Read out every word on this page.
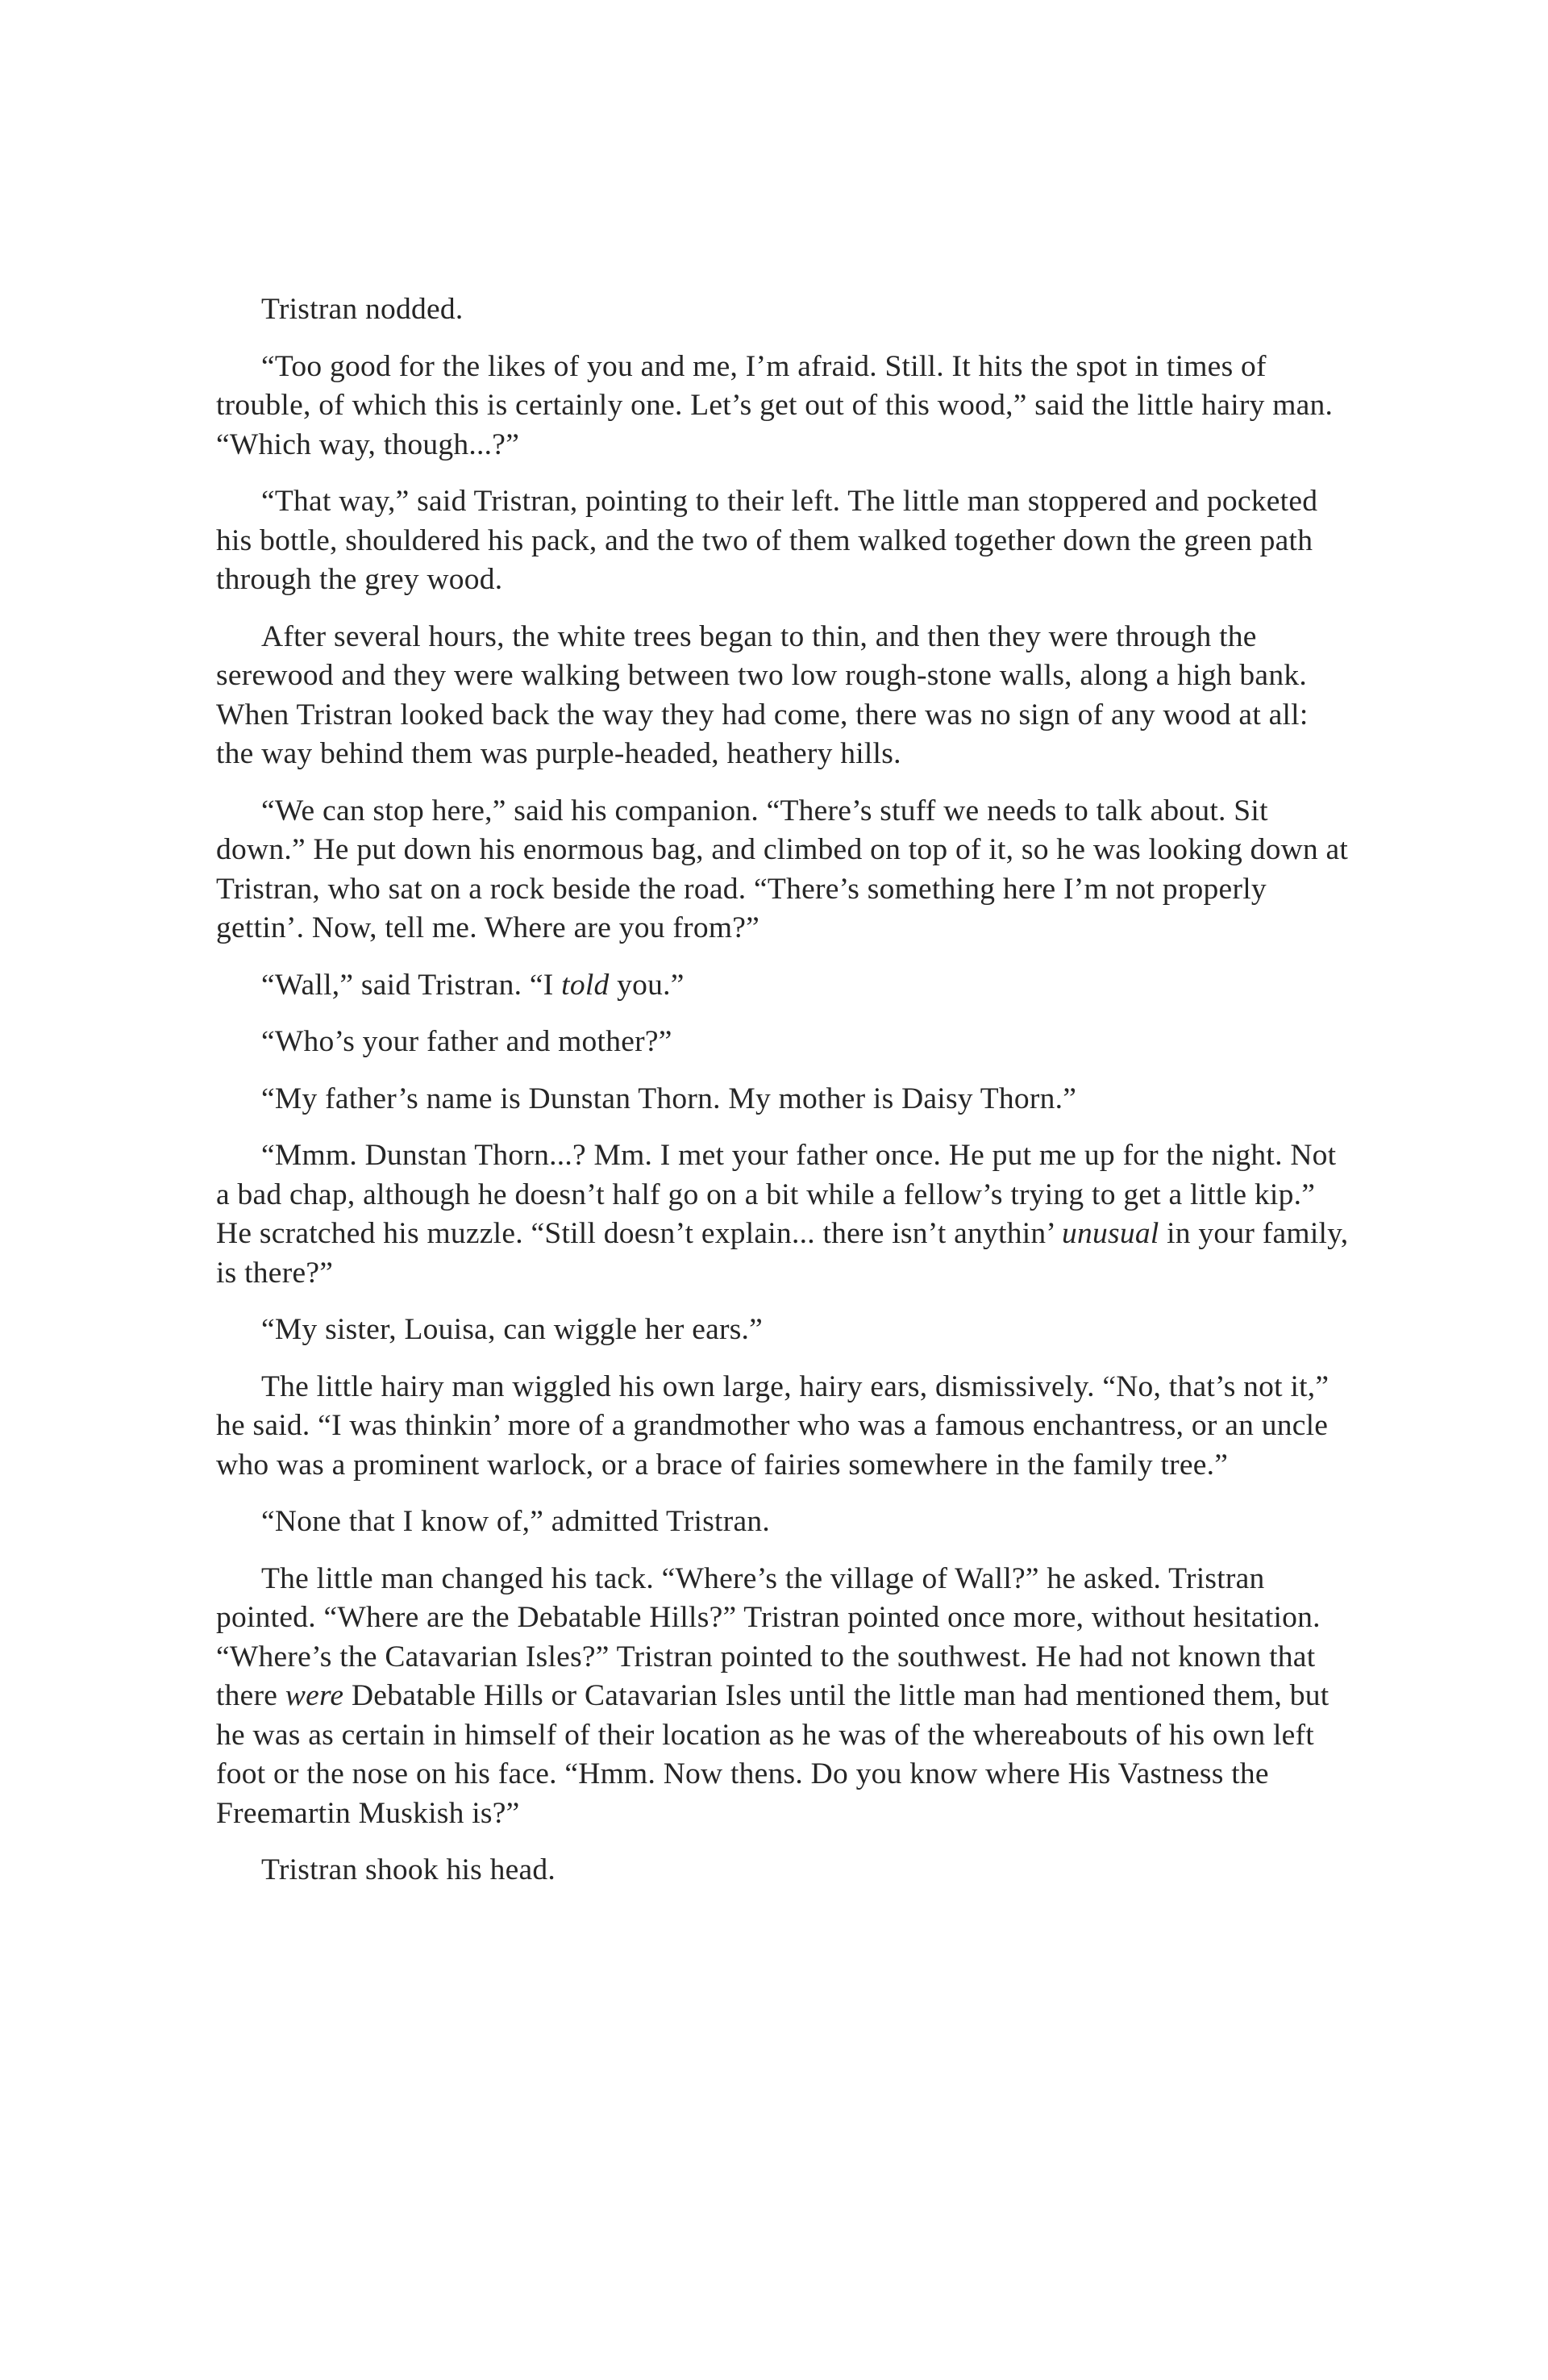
Tristran nodded.

“Too good for the likes of you and me, I’m afraid. Still. It hits the spot in times of trouble, of which this is certainly one. Let’s get out of this wood,” said the little hairy man. “Which way, though...?”

“That way,” said Tristran, pointing to their left. The little man stoppered and pocketed his bottle, shouldered his pack, and the two of them walked together down the green path through the grey wood.

After several hours, the white trees began to thin, and then they were through the serewood and they were walking between two low rough-stone walls, along a high bank. When Tristran looked back the way they had come, there was no sign of any wood at all: the way behind them was purple-headed, heathery hills.

“We can stop here,” said his companion. “There’s stuff we needs to talk about. Sit down.” He put down his enormous bag, and climbed on top of it, so he was looking down at Tristran, who sat on a rock beside the road. “There’s something here I’m not properly gettin’. Now, tell me. Where are you from?”

“Wall,” said Tristran. “I told you.”

“Who’s your father and mother?”

“My father’s name is Dunstan Thorn. My mother is Daisy Thorn.”

“Mmm. Dunstan Thorn...? Mm. I met your father once. He put me up for the night. Not a bad chap, although he doesn’t half go on a bit while a fellow’s trying to get a little kip.” He scratched his muzzle. “Still doesn’t explain... there isn’t anythin’ unusual in your family, is there?”

“My sister, Louisa, can wiggle her ears.”

The little hairy man wiggled his own large, hairy ears, dismissively. “No, that’s not it,” he said. “I was thinkin’ more of a grandmother who was a famous enchantress, or an uncle who was a prominent warlock, or a brace of fairies somewhere in the family tree.”

“None that I know of,” admitted Tristran.

The little man changed his tack. “Where’s the village of Wall?” he asked. Tristran pointed. “Where are the Debatable Hills?” Tristran pointed once more, without hesitation. “Where’s the Catavarian Isles?” Tristran pointed to the southwest. He had not known that there were Debatable Hills or Catavarian Isles until the little man had mentioned them, but he was as certain in himself of their location as he was of the whereabouts of his own left foot or the nose on his face. “Hmm. Now thens. Do you know where His Vastness the Freemartin Muskish is?”

Tristran shook his head.
